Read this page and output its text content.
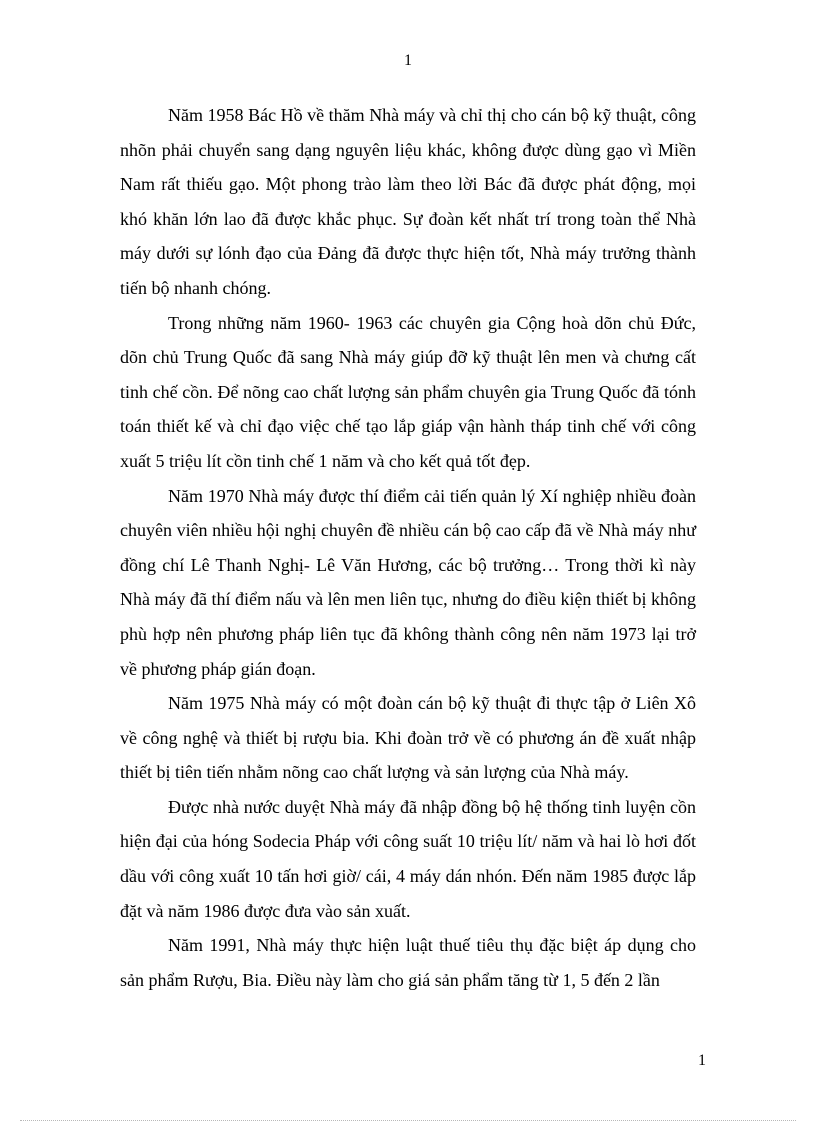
1

Năm 1958 Bác Hồ về thăm Nhà máy và chỉ thị cho cán bộ kỹ thuật, công nhõn phải chuyển sang dạng nguyên liệu khác, không được dùng gạo vì Miền Nam rất thiếu gạo. Một phong trào làm theo lời Bác đã được phát động, mọi khó khăn lớn lao đã được khắc phục. Sự đoàn kết nhất trí trong toàn thể Nhà máy dưới sự lónh đạo của Đảng đã được thực hiện tốt, Nhà máy trưởng thành tiến bộ nhanh chóng.

Trong những năm 1960- 1963 các chuyên gia Cộng hoà dõn chủ Đức, dõn chủ Trung Quốc đã sang Nhà máy giúp đỡ kỹ thuật lên men và chưng cất tinh chế cồn. Để nõng cao chất lượng sản phẩm chuyên gia Trung Quốc đã tónh toán thiết kế và chỉ đạo việc chế tạo lắp giáp vận hành tháp tinh chế với công xuất 5 triệu lít cồn tinh chế 1 năm và cho kết quả tốt đẹp.

Năm 1970 Nhà máy được thí điểm cải tiến quản lý Xí nghiệp nhiều đoàn chuyên viên nhiều hội nghị chuyên đề nhiều cán bộ cao cấp đã về Nhà máy như đồng chí Lê Thanh Nghị- Lê Văn Hương, các bộ trưởng… Trong thời kì này Nhà máy đã thí điểm nấu và lên men liên tục, nhưng do điều kiện thiết bị không phù hợp nên phương pháp liên tục đã không thành công nên năm 1973 lại trở về phương pháp gián đoạn.

Năm 1975 Nhà máy có một đoàn cán bộ kỹ thuật đi thực tập ở Liên Xô về công nghệ và thiết bị rượu bia. Khi đoàn trở về có phương án đề xuất nhập thiết bị tiên tiến nhằm nõng cao chất lượng và sản lượng của Nhà máy.

Được nhà nước duyệt Nhà máy đã nhập đồng bộ hệ thống tinh luyện cồn hiện đại của hóng Sodecia Pháp với công suất 10 triệu lít/ năm và hai lò hơi đốt dầu với công xuất 10 tấn hơi giờ/ cái, 4 máy dán nhón. Đến năm 1985 được lắp đặt và năm 1986 được đưa vào sản xuất.

Năm 1991, Nhà máy thực hiện luật thuế tiêu thụ đặc biệt áp dụng cho sản phẩm Rượu, Bia. Điều này làm cho giá sản phẩm tăng từ 1, 5 đến 2 lần

1
